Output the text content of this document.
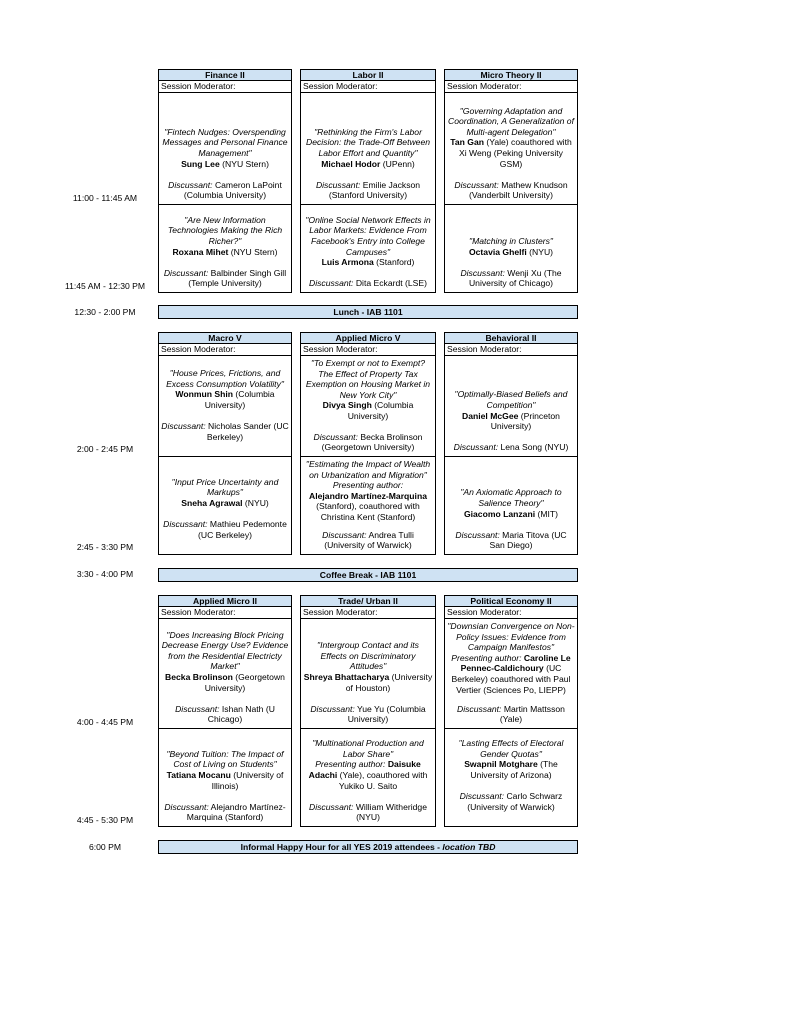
11:00 - 11:45 AM
11:45 AM - 12:30 PM
12:30 - 2:00 PM
2:00 - 2:45 PM
2:45 - 3:30 PM
3:30 - 4:00 PM
4:00 - 4:45 PM
4:45 - 5:30 PM
6:00 PM
Finance II
Session Moderator:
"Fintech Nudges: Overspending Messages and Personal Finance Management"
Sung Lee (NYU Stern)
Discussant: Cameron LaPoint (Columbia University)
"Are New Information Technologies Making the Rich Richer?"
Roxana Mihet (NYU Stern)
Discussant: Balbinder Singh Gill (Temple University)
Labor II
Session Moderator:
"Rethinking the Firm's Labor Decision: the Trade-Off Between Labor Effort and Quantity"
Michael Hodor (UPenn)
Discussant: Emilie Jackson (Stanford University)
"Online Social Network Effects in Labor Markets: Evidence From Facebook's Entry into College Campuses"
Luis Armona (Stanford)
Discussant: Dita Eckardt (LSE)
Micro Theory II
Session Moderator:
"Governing Adaptation and Coordination, A Generalization of Multi-agent Delegation"
Tan Gan (Yale) coauthored with Xi Weng (Peking University GSM)
Discussant: Mathew Knudson (Vanderbilt University)
"Matching in Clusters"
Octavia Ghelfi (NYU)
Discussant: Wenji Xu (The University of Chicago)
Lunch - IAB 1101
Macro V
Session Moderator:
"House Prices, Frictions, and Excess Consumption Volatility"
Wonmun Shin (Columbia University)
Discussant: Nicholas Sander (UC Berkeley)
"Input Price Uncertainty and Markups"
Sneha Agrawal (NYU)
Discussant: Mathieu Pedemonte (UC Berkeley)
Applied Micro V
Session Moderator:
"To Exempt or not to Exempt? The Effect of Property Tax Exemption on Housing Market in New York City"
Divya Singh (Columbia University)
Discussant: Becka Brolinson (Georgetown University)
"Estimating the Impact of Wealth on Urbanization and Migration" Presenting author:
Alejandro Martínez-Marquina (Stanford), coauthored with Christina Kent (Stanford)
Discussant: Andrea Tulli (University of Warwick)
Behavioral II
Session Moderator:
"Optimally-Biased Beliefs and Competition"
Daniel McGee (Princeton University)
Discussant: Lena Song (NYU)
"An Axiomatic Approach to Salience Theory"
Giacomo Lanzani (MIT)
Discussant: Maria Titova (UC San Diego)
Coffee Break - IAB 1101
Applied Micro II
Session Moderator:
"Does Increasing Block Pricing Decrease Energy Use? Evidence from the Residential Electricty Market"
Becka Brolinson (Georgetown University)
Discussant: Ishan Nath (U Chicago)
"Beyond Tuition: The Impact of Cost of Living on Students"
Tatiana Mocanu (University of Illinois)
Discussant: Alejandro Martínez-Marquina (Stanford)
Trade/ Urban II
Session Moderator:
"Intergroup Contact and its Effects on Discriminatory Attitudes"
Shreya Bhattacharya (University of Houston)
Discussant: Yue Yu (Columbia University)
"Multinational Production and Labor Share"
Presenting author: Daisuke Adachi (Yale), coauthored with Yukiko U. Saito
Discussant: William Witheridge (NYU)
Political Economy II
Session Moderator:
"Downsian Convergence on Non-Policy Issues: Evidence from Campaign Manifestos"
Presenting author: Caroline Le Pennec-Caldichoury (UC Berkeley) coauthored with Paul Vertier (Sciences Po, LIEPP)
Discussant: Martin Mattsson (Yale)
"Lasting Effects of Electoral Gender Quotas"
Swapnil Motghare (The University of Arizona)
Discussant: Carlo Schwarz (University of Warwick)
Informal Happy Hour for all YES 2019 attendees - location TBD
